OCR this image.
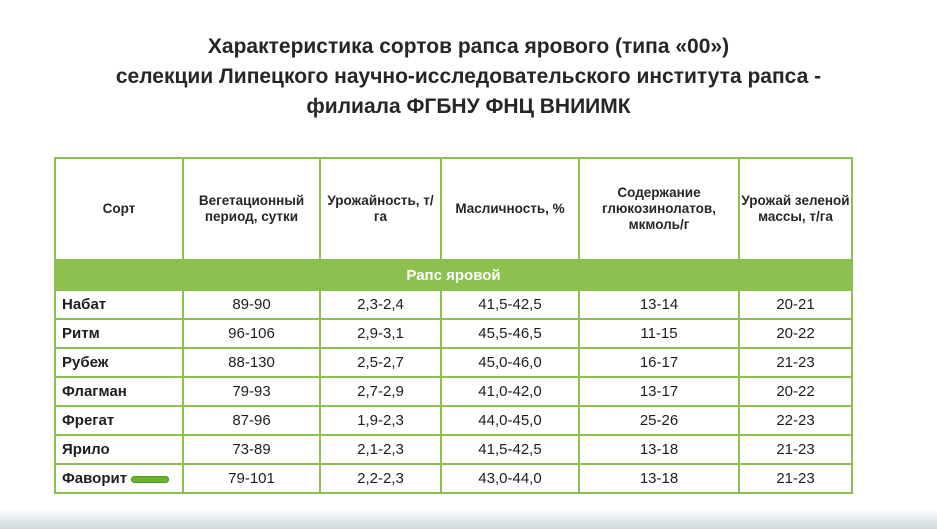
Характеристика сортов рапса ярового (типа «00»)
селекции Липецкого научно-исследовательского института рапса -
филиала ФГБНУ ФНЦ ВНИИМК
Сорт	Вегетационный период, сутки	Урожайность, т/га	Масличность, %	Содержание глюкозинолатов, мкмоль/г	Урожай зеленой массы, т/га
Рапс яровой					
Набат	89-90	2,3-2,4	41,5-42,5	13-14	20-21
Ритм	96-106	2,9-3,1	45,5-46,5	11-15	20-22
Рубеж	88-130	2,5-2,7	45,0-46,0	16-17	21-23
Флагман	79-93	2,7-2,9	41,0-42,0	13-17	20-22
Фрегат	87-96	1,9-2,3	44,0-45,0	25-26	22-23
Ярило	73-89	2,1-2,3	41,5-42,5	13-18	21-23
Фаворит	79-101	2,2-2,3	43,0-44,0	13-18	21-23
